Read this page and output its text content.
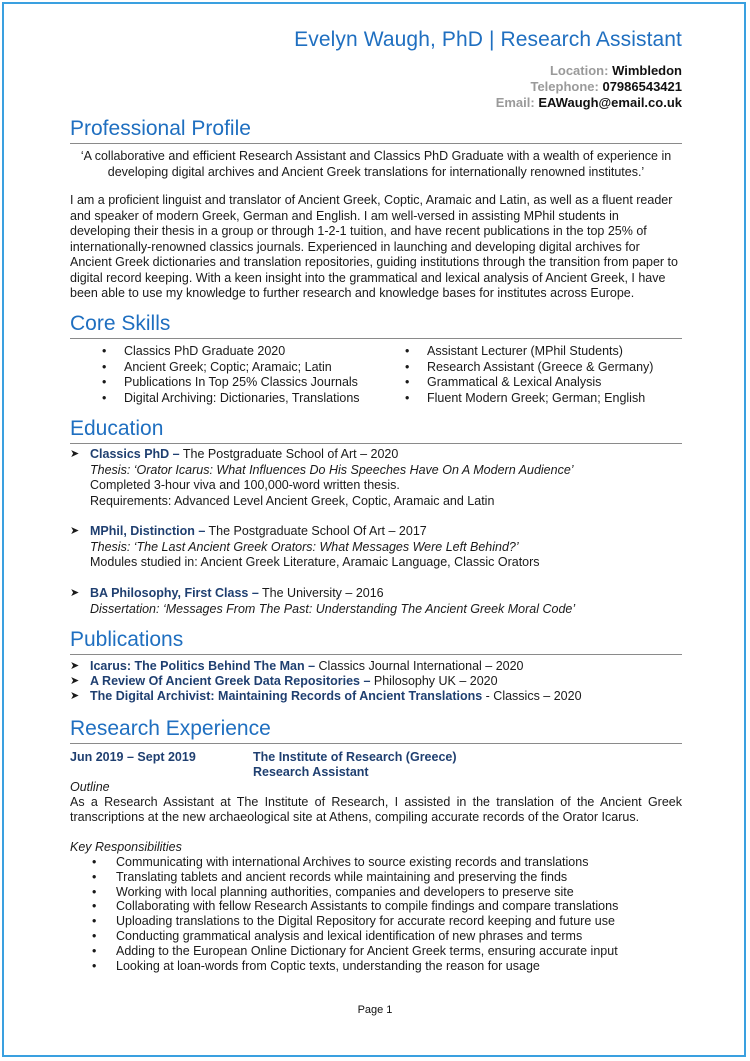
Evelyn Waugh, PhD | Research Assistant
Location: Wimbledon
Telephone: 07986543421
Email: EAWaugh@email.co.uk
Professional Profile
‘A collaborative and efficient Research Assistant and Classics PhD Graduate with a wealth of experience in developing digital archives and Ancient Greek translations for internationally renowned institutes.’
I am a proficient linguist and translator of Ancient Greek, Coptic, Aramaic and Latin, as well as a fluent reader and speaker of modern Greek, German and English. I am well-versed in assisting MPhil students in developing their thesis in a group or through 1-2-1 tuition, and have recent publications in the top 25% of internationally-renowned classics journals. Experienced in launching and developing digital archives for Ancient Greek dictionaries and translation repositories, guiding institutions through the transition from paper to digital record keeping. With a keen insight into the grammatical and lexical analysis of Ancient Greek, I have been able to use my knowledge to further research and knowledge bases for institutes across Europe.
Core Skills
• Classics PhD Graduate 2020
• Ancient Greek; Coptic; Aramaic; Latin
• Publications In Top 25% Classics Journals
• Digital Archiving: Dictionaries, Translations
• Assistant Lecturer (MPhil Students)
• Research Assistant (Greece & Germany)
• Grammatical & Lexical Analysis
• Fluent Modern Greek; German; English
Education
➤ Classics PhD – The Postgraduate School of Art – 2020
Thesis: ‘Orator Icarus: What Influences Do His Speeches Have On A Modern Audience’
Completed 3-hour viva and 100,000-word written thesis.
Requirements: Advanced Level Ancient Greek, Coptic, Aramaic and Latin
➤ MPhil, Distinction – The Postgraduate School Of Art – 2017
Thesis: ‘The Last Ancient Greek Orators: What Messages Were Left Behind?’
Modules studied in: Ancient Greek Literature, Aramaic Language, Classic Orators
➤ BA Philosophy, First Class – The University – 2016
Dissertation: ‘Messages From The Past: Understanding The Ancient Greek Moral Code’
Publications
➤ Icarus: The Politics Behind The Man – Classics Journal International – 2020
➤ A Review Of Ancient Greek Data Repositories – Philosophy UK – 2020
➤ The Digital Archivist: Maintaining Records of Ancient Translations - Classics – 2020
Research Experience
Jun 2019 – Sept 2019	The Institute of Research (Greece)
Research Assistant
Outline
As a Research Assistant at The Institute of Research, I assisted in the translation of the Ancient Greek transcriptions at the new archaeological site at Athens, compiling accurate records of the Orator Icarus.
Key Responsibilities
• Communicating with international Archives to source existing records and translations
• Translating tablets and ancient records while maintaining and preserving the finds
• Working with local planning authorities, companies and developers to preserve site
• Collaborating with fellow Research Assistants to compile findings and compare translations
• Uploading translations to the Digital Repository for accurate record keeping and future use
• Conducting grammatical analysis and lexical identification of new phrases and terms
• Adding to the European Online Dictionary for Ancient Greek terms, ensuring accurate input
• Looking at loan-words from Coptic texts, understanding the reason for usage
Page 1
